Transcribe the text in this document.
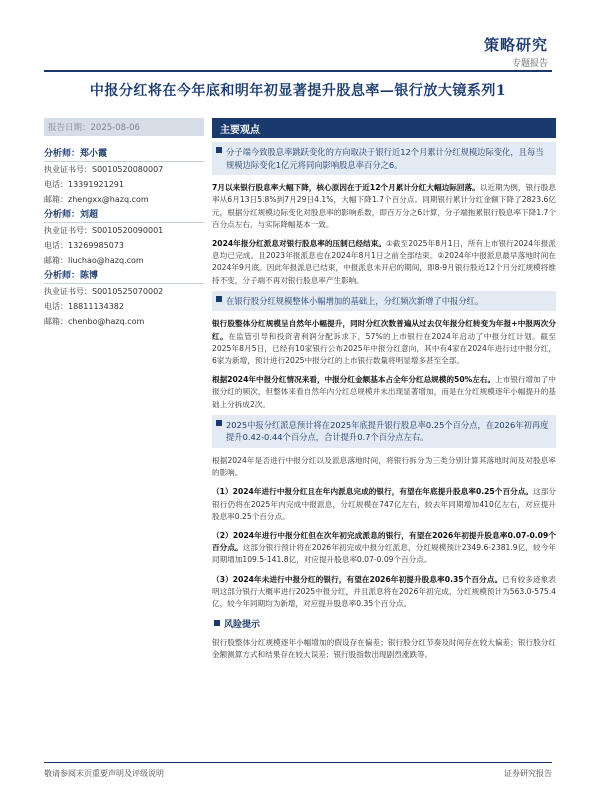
策略研究
专题报告
中报分红将在今年底和明年初显著提升股息率—银行放大镜系列1
报告日期：2025-08-06
分析师：郑小霞
执业证书号：S0010520080007
电话：13391921291
邮箱：zhengxx@hazq.com
分析师：刘超
执业证书号：S0010520090001
电话：13269985073
邮箱：liuchao@hazq.com
分析师：陈博
执业证书号：S0010525070002
电话：18811134382
邮箱：chenbo@hazq.com
主要观点
分子端今致股息率跳跃变化的方向取决于银行近12个月累计分红规模边际变化，且每当规模边际变化1亿元将同向影响股息率百分之6。
7月以来银行股息率大幅下降，核心原因在于近12个月累计分红大幅边际回落。以近期为例，银行股息率从6月13日5.8%到7月29日4.1%，大幅下降1.7个百分点。同期银行累计分红金额下降了2823.6亿元，根据分红规模边际变化对股息率的影响系数，即百万分之6计算，分子端拖累银行股息率下降1.7个百分点左右，与实际降幅基本一致。
2024年报分红派息对银行股息率的压制已经结束。①截至2025年8月1日，所有上市银行2024年报派息均已完成。且2023年报派息也在2024年8月1日之前全部结束。②2024年中报派息最早落地时间在2024年9月底。因此年报派息已结束，中报派息未开启的期间，即8-9月银行股近12个月分红规模将维持不变，分子端不再对银行股息率产生影响。
在银行股分红规模整体小幅增加的基础上，分红频次新增了中报分红。
银行股整体分红规模呈自然年小幅提升，同时分红次数普遍从过去仅年报分红转变为年报+中报两次分红。在监管引导和投资者利润分配诉求下，57%的上市银行在2024年启动了中报分红计划。截至2025年8月5日，已经有10家银行公布2025年中报分红意向，其中有4家在2024年进行过中报分红，6家为新增，预计进行2025中报分红的上市银行数量将明显增多甚至全部。
根据2024年中报分红情况来看，中报分红金额基本占全年分红总规模的50%左右。上市银行增加了中报分红的频次，但整体来看自然年内分红总规模并未出现显著增加，而是在分红规模逐年小幅提升的基础上分拆成2次。
2025中报分红派息预计将在2025年底提升银行股息率0.25个百分点，在2026年初再度提升0.42-0.44个百分点，合计提升0.7个百分点左右。
根据2024年是否进行中报分红以及派息落地时间，将银行拆分为三类分别计算其落地时间及对股息率的影响。
（1）2024年进行中报分红且在年内派息完成的银行，有望在年底提升股息率0.25个百分点。这部分银行仍将在2025年内完成中报派息，分红规模在747亿左右，较去年同期增加410亿左右，对应提升股息率0.25个百分点。
（2）2024年进行中报分红但在次年初完成派息的银行，有望在2026年初提升股息率0.07-0.09个百分点。这部分银行预计将在2026年初完成中报分红派息，分红规模预计2349.6-2381.9亿，较今年同期增加109.5-141.8亿，对应提升股息率0.07-0.09个百分点。
（3）2024年未进行中报分红的银行，有望在2026年初提升股息率0.35个百分点。已有较多迹象表明这部分银行大概率进行2025中报分红，并且派息将在2026年初完成，分红规模预计为563.0-575.4亿，较今年同期均为新增，对应提升股息率0.35个百分点。
风险提示
银行股整体分红规模逐年小幅增加的假设存在偏差；银行股分红节奏及时间存在较大偏差；银行股分红金额测算方式和结果存在较大误差；银行股指数出现剧烈涨跌等。
敬请参阅末页重要声明及评级说明	证券研究报告
